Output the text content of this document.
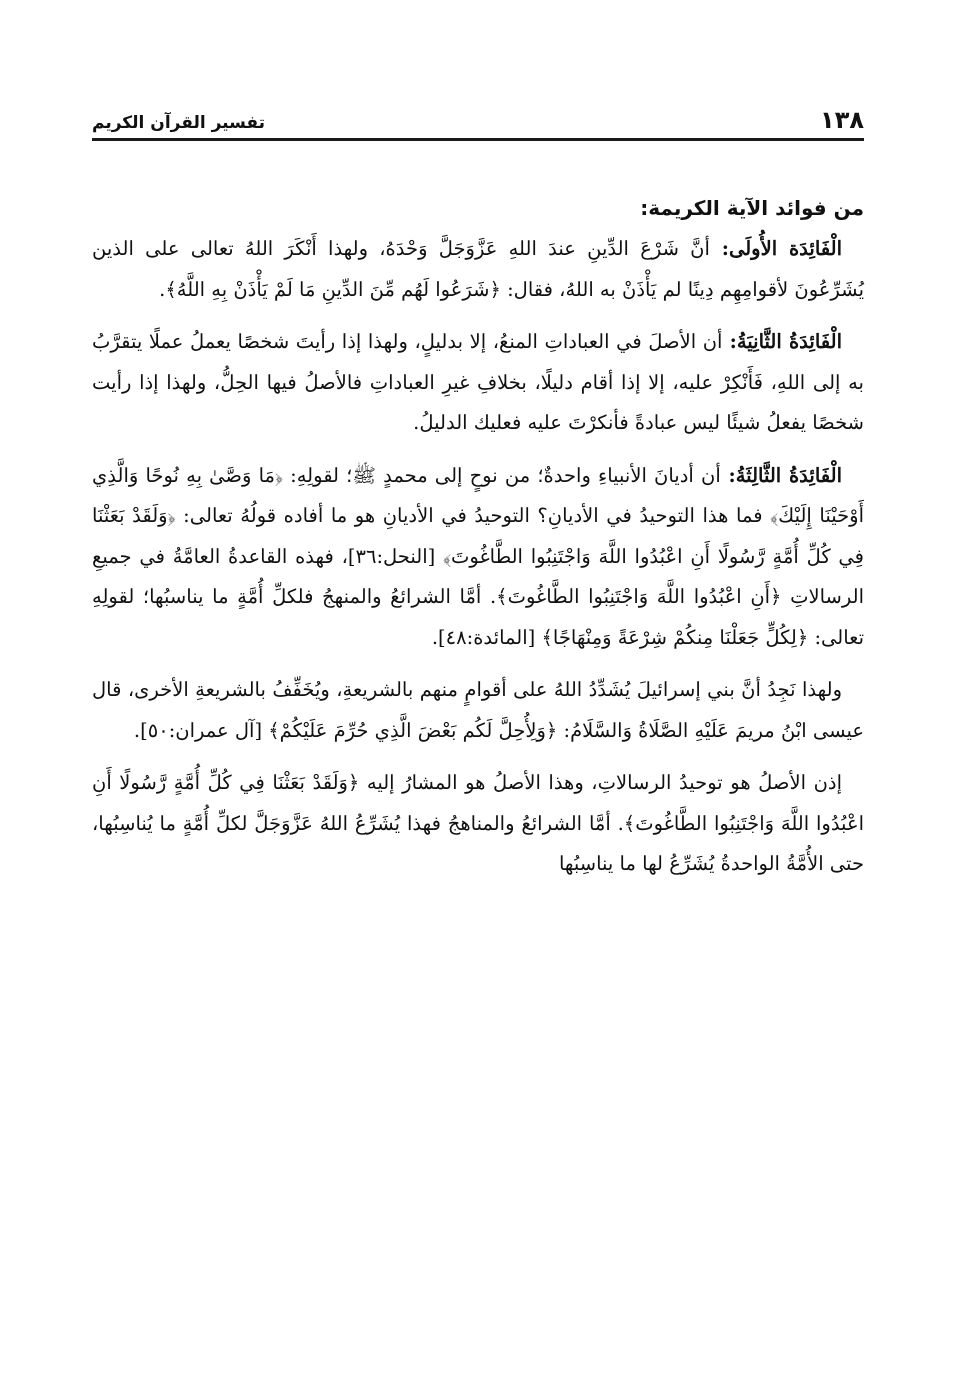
١٣٨
تفسير القرآن الكريم
من فوائد الآية الكريمة:

الْفَائِدَة الأُولَى: أنَّ شَرْعَ الدِّينِ عندَ اللهِ عَزَّوَجَلَّ وَحْدَهُ، ولهذا أَنْكَرَ اللهُ تعالى على الذين يُشَرِّعُونَ لأقوامِهِم دِينًا لم يَأْذَنْ به اللهُ، فقال: ﴿شَرَعُوا لَهُم مِّنَ الدِّينِ مَا لَمْ يَأْذَنْ بِهِ اللَّهُ﴾.

الْفَائِدَةُ الثَّانِيَةُ: أن الأصلَ في العباداتِ المنعُ، إلا بدليلٍ، ولهذا إذا رأيتَ شخصًا يعملُ عملًا يتقرَّبُ به إلى اللهِ، فَأَنْكِرْ عليه، إلا إذا أقام دليلًا، بخلافِ غيرِ العباداتِ فالأصلُ فيها الحِلُّ، ولهذا إذا رأيت شخصًا يفعلُ شيئًا ليس عبادةً فأنكرْتَ عليه فعليك الدليلُ.

الْفَائِدَةُ الثَّالِثَةُ: أن أديانَ الأنبياءِ واحدةٌ؛ من نوحٍ إلى محمدٍ ﷺ؛ لقولِهِ: ﴿مَا وَصَّىٰ بِهِ نُوحًا وَالَّذِي أَوْحَيْنَا إِلَيْكَ﴾ فما هذا التوحيدُ في الأديانِ؟ التوحيدُ في الأديانِ هو ما أفاده قولُهُ تعالى: ﴿وَلَقَدْ بَعَثْنَا فِي كُلِّ أُمَّةٍ رَّسُولًا أَنِ اعْبُدُوا اللَّهَ وَاجْتَنِبُوا الطَّاغُوتَ﴾ [النحل:٣٦]، فهذه القاعدةُ العامَّةُ في جميعِ الرسالاتِ ﴿أَنِ اعْبُدُوا اللَّهَ وَاجْتَنِبُوا الطَّاغُوتَ﴾. أمَّا الشرائعُ والمنهجُ فلكلِّ أُمَّةٍ ما يناسبُها؛ لقولِهِ تعالى: ﴿لِكُلٍّ جَعَلْنَا مِنكُمْ شِرْعَةً وَمِنْهَاجًا﴾ [المائدة:٤٨].

ولهذا نَجِدُ أنَّ بني إسرائيلَ يُشَدِّدُ اللهُ على أقوامٍ منهم بالشريعةِ، ويُخَفِّفُ بالشريعةِ الأخرى، قال عيسى ابْنُ مريمَ عَلَيْهِ الصَّلَاةُ وَالسَّلَامُ: ﴿وَلِأُحِلَّ لَكُم بَعْضَ الَّذِي حُرِّمَ عَلَيْكُمْ﴾ [آل عمران:٥٠].

إذن الأصلُ هو توحيدُ الرسالاتِ، وهذا الأصلُ هو المشارُ إليه ﴿وَلَقَدْ بَعَثْنَا فِي كُلِّ أُمَّةٍ رَّسُولًا أَنِ اعْبُدُوا اللَّهَ وَاجْتَنِبُوا الطَّاغُوتَ﴾. أمَّا الشرائعُ والمناهجُ فهذا يُشَرِّعُ اللهُ عَزَّوَجَلَّ لكلِّ أُمَّةٍ ما يُناسِبُها، حتى الأُمَّةُ الواحدةُ يُشَرِّعُ لها ما يناسِبُها
